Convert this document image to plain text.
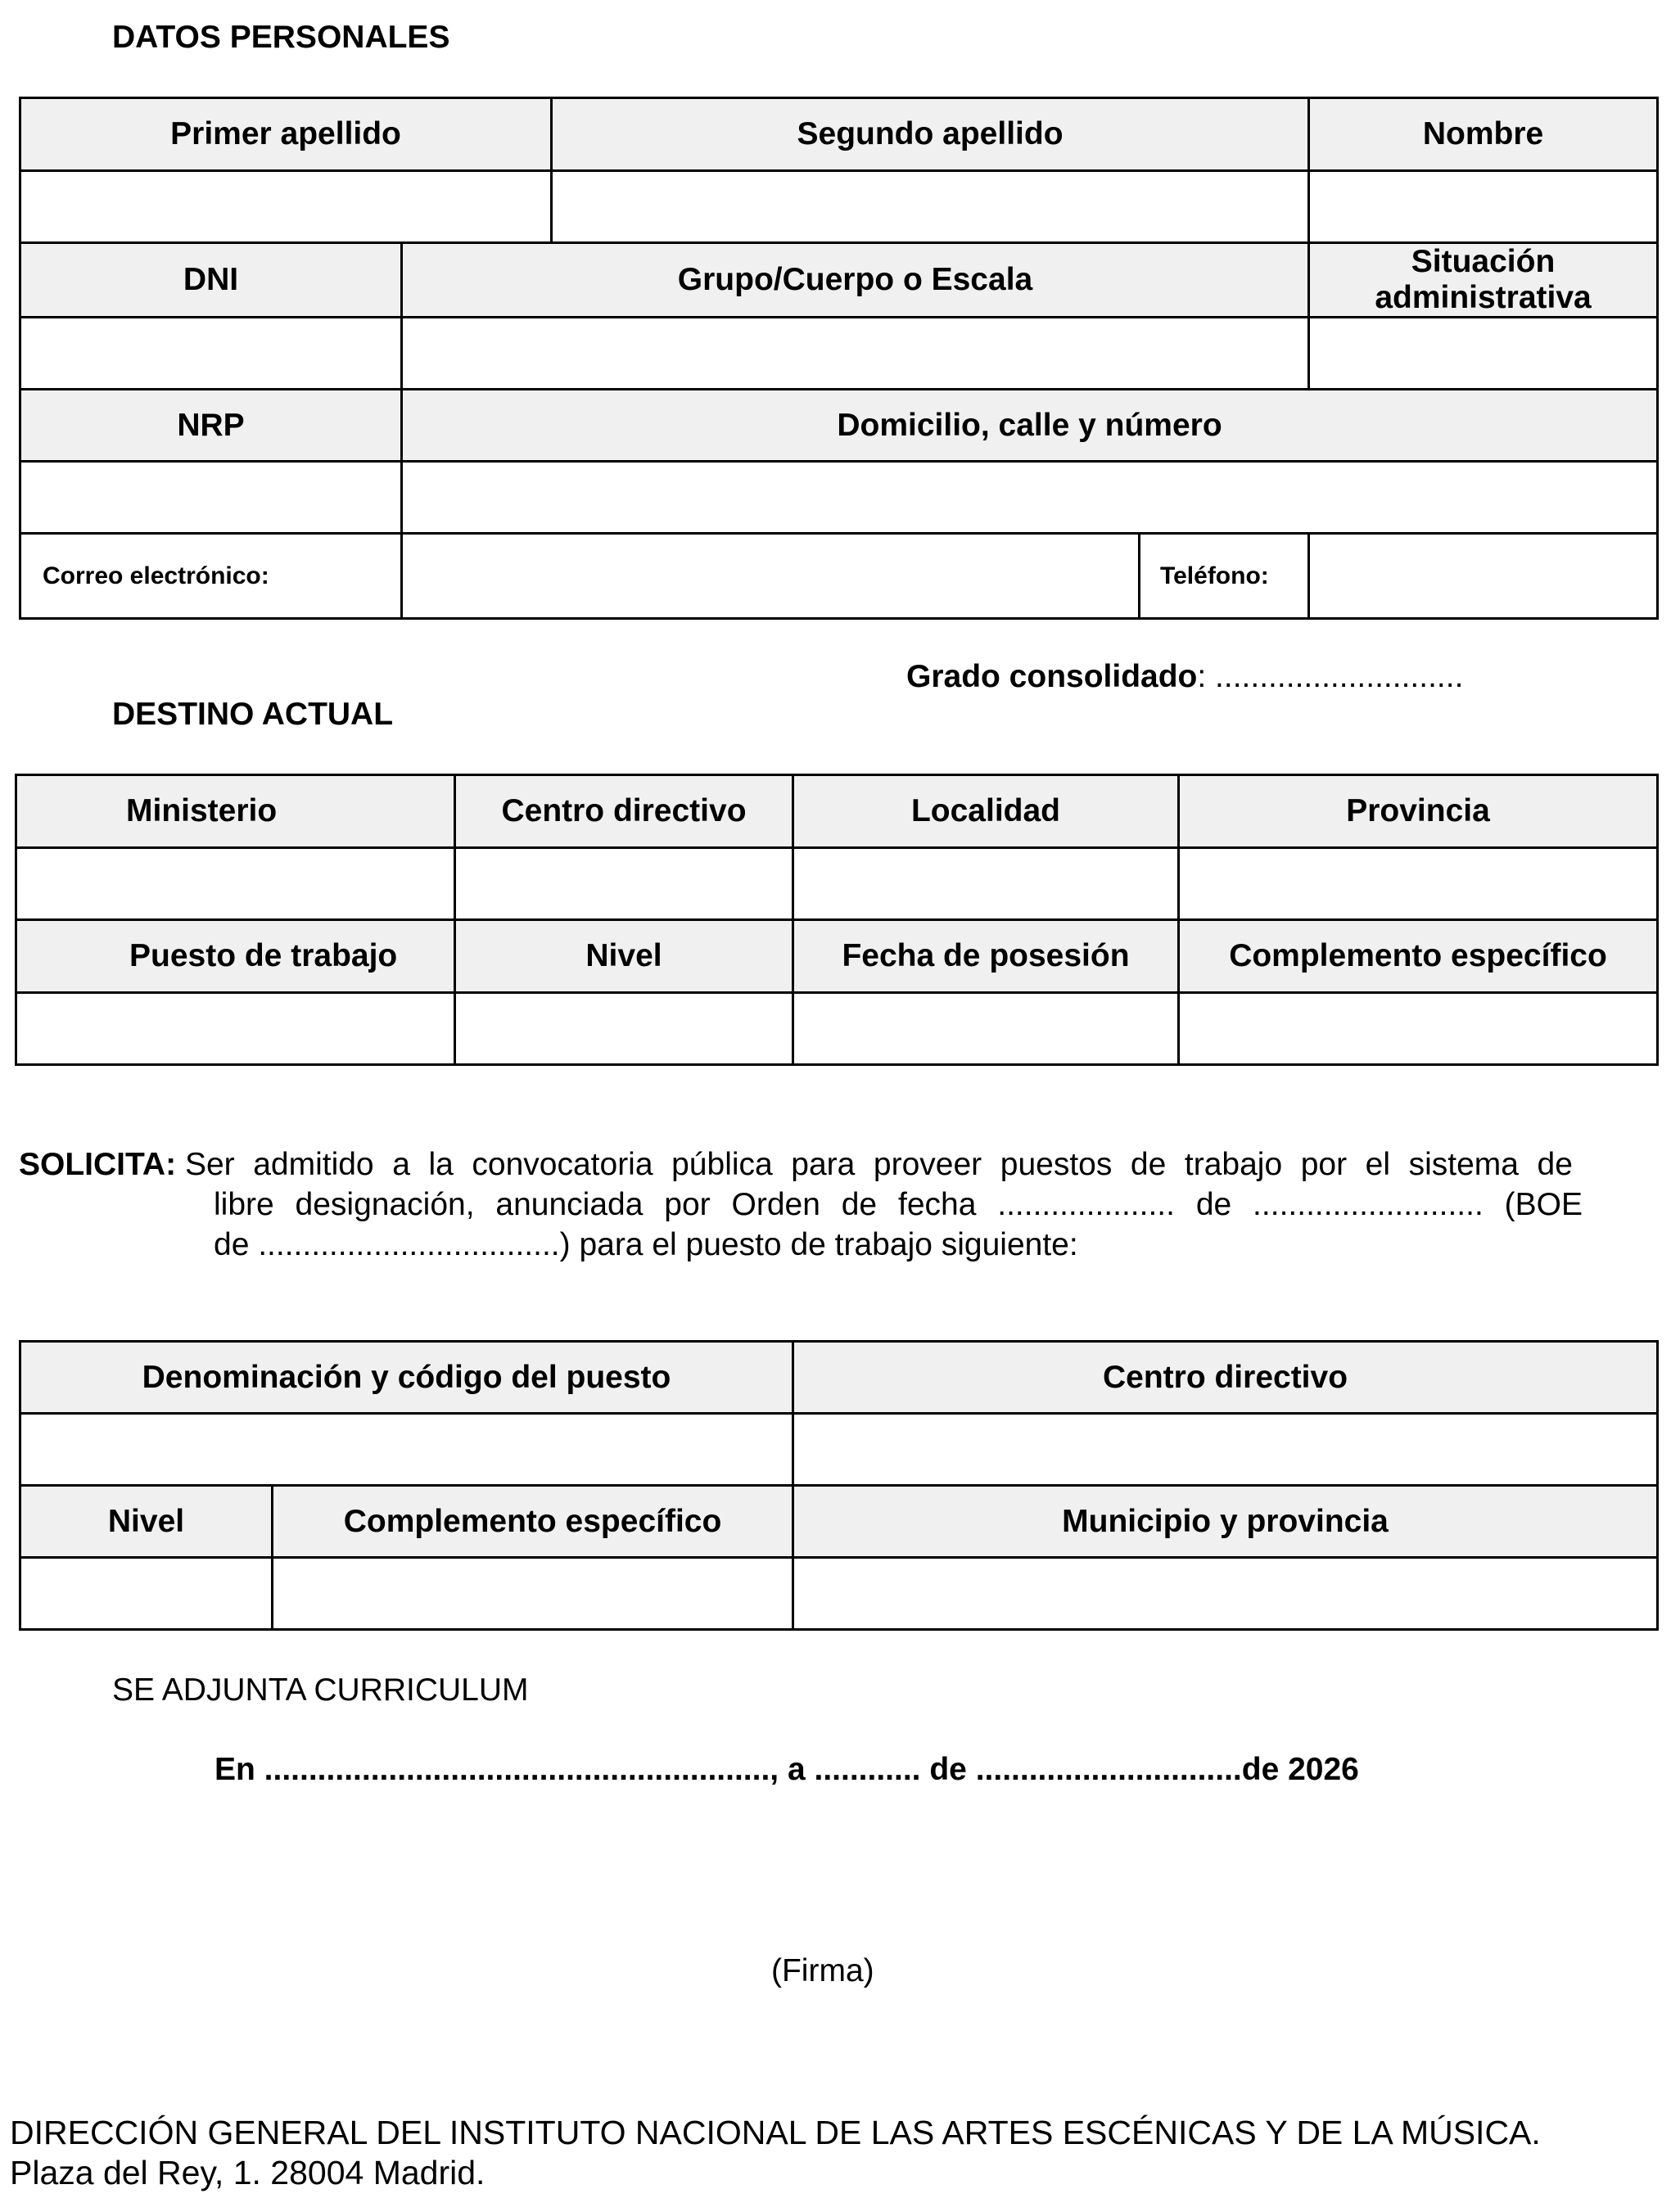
DATOS PERSONALES
Primer apellido		Segundo apellido		Nombre

DNI	Grupo/Cuerpo o Escala			Situación administrativa

NRP	Domicilio, calle y número			

Correo electrónico:			Teléfono:	
Grado consolidado: ............................
DESTINO ACTUAL
Ministerio	Centro directivo	Localidad	Provincia

Puesto de trabajo	Nivel	Fecha de posesión	Complemento específico

SOLICITA: Ser admitido a la convocatoria pública para proveer puestos de trabajo por el sistema de
libre designación, anunciada por Orden de fecha .................... de .......................... (BOE
de ..................................) para el puesto de trabajo siguiente:
Denominación y código del puesto		Centro directivo

Nivel	Complemento específico	Municipio y provincia

SE ADJUNTA CURRICULUM
En ........................................................., a ............ de ..............................de 2026
(Firma)
DIRECCIÓN GENERAL DEL INSTITUTO NACIONAL DE LAS ARTES ESCÉNICAS Y DE LA MÚSICA.
Plaza del Rey, 1. 28004 Madrid.
